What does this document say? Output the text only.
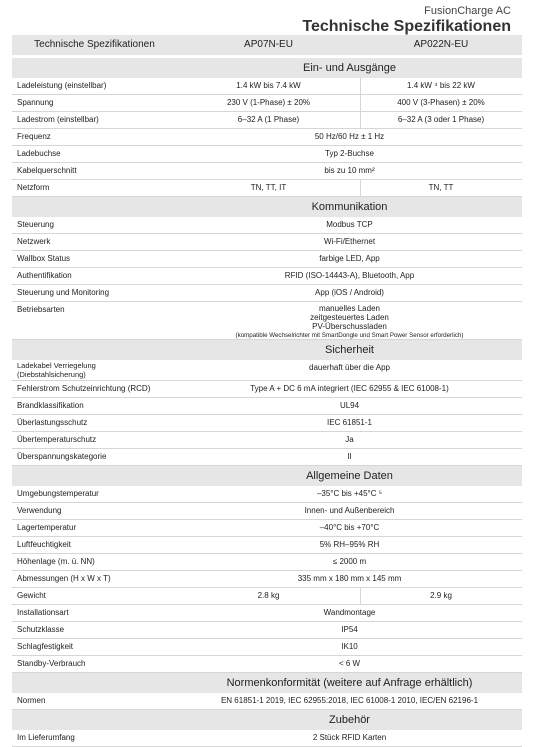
FusionCharge AC
Technische Spezifikationen
Technische Spezifikationen	AP07N-EU	AP022N-EU
Ein- und Ausgänge
Ladeleistung (einstellbar)	1.4 kW bis 7.4 kW	1.4 kW ⁴ bis 22 kW
Spannung	230 V (1-Phase) ± 20%	400 V (3-Phasen) ± 20%
Ladestrom (einstellbar)	6–32 A (1 Phase)	6–32 A (3 oder 1 Phase)
Frequenz	50 Hz/60 Hz ± 1 Hz
Ladebuchse	Typ 2-Buchse
Kabelquerschnitt	bis zu 10 mm²
Netzform	TN, TT, IT	TN, TT
Kommunikation
Steuerung	Modbus TCP
Netzwerk	Wi-Fi/Ethernet
Wallbox Status	farbige LED, App
Authentifikation	RFID (ISO-14443-A), Bluetooth, App
Steuerung und Monitoring	App (iOS / Android)
Betriebsarten	manuelles Laden
zeitgesteuertes Laden
PV-Überschussladen
(kompatible Wechselrichter mit SmartDongle und Smart Power Sensor erforderlich)
Sicherheit
Ladekabel Verriegelung (Diebstahlsicherung)
dauerhaft über die App
Fehlerstrom Schutzeinrichtung (RCD)	Type A + DC 6 mA integriert (IEC 62955 & IEC 61008-1)
Brandklassifikation	UL94
Überlastungsschutz	IEC 61851-1
Übertemperaturschutz	Ja
Überspannungskategorie	II
Allgemeine Daten
Umgebungstemperatur	–35°C bis +45°C ⁵
Verwendung	Innen- und Außenbereich
Lagertemperatur	–40°C bis +70°C
Luftfeuchtigkeit	5% RH–95% RH
Höhenlage (m. ü. NN)	≤ 2000 m
Abmessungen (H x W x T)	335 mm x 180 mm x 145 mm
Gewicht	2.8 kg	2.9 kg
Installationsart	Wandmontage
Schutzklasse	IP54
Schlagfestigkeit	IK10
Standby-Verbrauch	< 6 W
Normenkonformität (weitere auf Anfrage erhältlich)
Normen	EN 61851-1 2019, IEC 62955:2018, IEC 61008-1 2010, IEC/EN 62196-1
Zubehör
Im Lieferumfang	2 Stück RFID Karten
